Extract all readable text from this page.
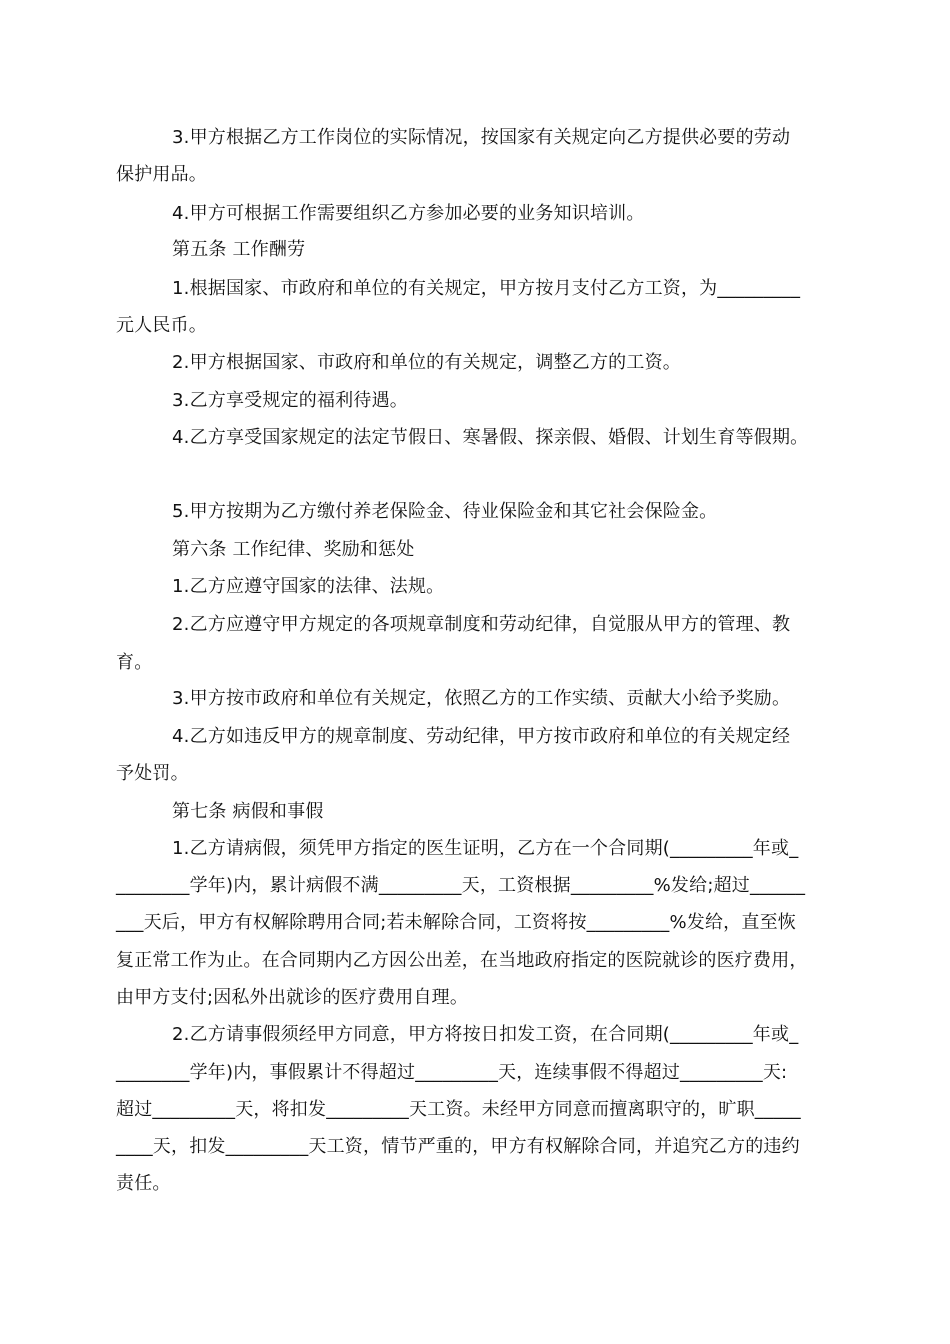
3.甲方根据乙方工作岗位的实际情况，按国家有关规定向乙方提供必要的劳动
保护用品。
4.甲方可根据工作需要组织乙方参加必要的业务知识培训。
第五条 工作酬劳
1.根据国家、市政府和单位的有关规定，甲方按月支付乙方工资，为_________
元人民币。
2.甲方根据国家、市政府和单位的有关规定，调整乙方的工资。
3.乙方享受规定的福利待遇。
4.乙方享受国家规定的法定节假日、寒暑假、探亲假、婚假、计划生育等假期。
5.甲方按期为乙方缴付养老保险金、待业保险金和其它社会保险金。
第六条 工作纪律、奖励和惩处
1.乙方应遵守国家的法律、法规。
2.乙方应遵守甲方规定的各项规章制度和劳动纪律，自觉服从甲方的管理、教
育。
3.甲方按市政府和单位有关规定，依照乙方的工作实绩、贡献大小给予奖励。
4.乙方如违反甲方的规章制度、劳动纪律，甲方按市政府和单位的有关规定经
予处罚。
第七条 病假和事假
1.乙方请病假，须凭甲方指定的医生证明，乙方在一个合同期(_________年或_
________学年)内，累计病假不满_________天，工资根据_________%发给;超过______
___天后，甲方有权解除聘用合同;若未解除合同，工资将按_________%发给，直至恢
复正常工作为止。在合同期内乙方因公出差，在当地政府指定的医院就诊的医疗费用，
由甲方支付;因私外出就诊的医疗费用自理。
2.乙方请事假须经甲方同意，甲方将按日扣发工资，在合同期(_________年或_
________学年)内，事假累计不得超过_________天，连续事假不得超过_________天:
超过_________天，将扣发_________天工资。未经甲方同意而擅离职守的，旷职_____
____天，扣发_________天工资，情节严重的，甲方有权解除合同，并追究乙方的违约
责任。
